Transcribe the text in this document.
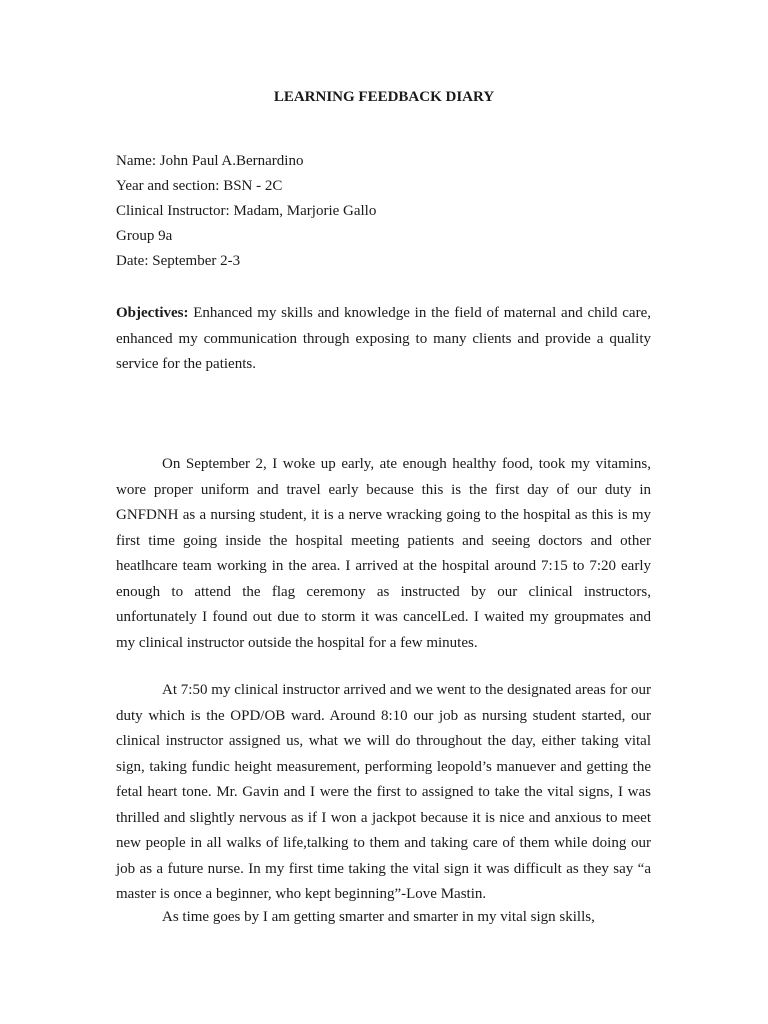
LEARNING FEEDBACK DIARY
Name: John Paul A.Bernardino
Year and section: BSN - 2C
Clinical Instructor: Madam, Marjorie Gallo
Group 9a
Date: September 2-3
Objectives: Enhanced my skills and knowledge in the field of maternal and child care, enhanced my communication through exposing to many clients and provide a quality service for the patients.
On September 2, I woke up early, ate enough healthy food, took my vitamins, wore proper uniform and travel early because this is the first day of our duty in GNFDNH as a nursing student, it is a nerve wracking going to the hospital as this is my first time going inside the hospital meeting patients and seeing doctors and other heatlhcare team working in the area. I arrived at the hospital around 7:15 to 7:20 early enough to attend the flag ceremony as instructed by our clinical instructors, unfortunately I found out due to storm it was cancelLed. I waited my groupmates and my clinical instructor outside the hospital for a few minutes.
At 7:50 my clinical instructor arrived and we went to the designated areas for our duty which is the OPD/OB ward. Around 8:10 our job as nursing student started, our clinical instructor assigned us, what we will do throughout the day, either taking vital sign, taking fundic height measurement, performing leopold’s manuever and getting the fetal heart tone. Mr. Gavin and I were the first to assigned to take the vital signs, I was thrilled and slightly nervous as if I won a jackpot because it is nice and anxious to meet new people in all walks of life,talking to them and taking care of them while doing our job as a future nurse. In my first time taking the vital sign it was difficult as they say “a master is once a beginner, who kept beginning”-Love Mastin.
As time goes by I am getting smarter and smarter in my vital sign skills,
